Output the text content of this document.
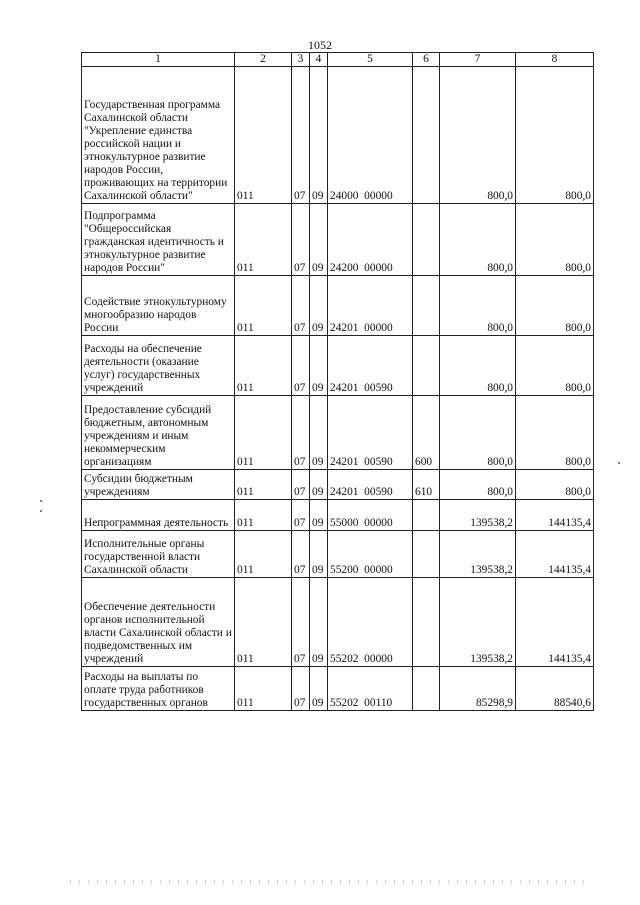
1052
1	2	3	4	5	6	7	8
Государственная программа Сахалинской области "Укрепление единства российской нации и этнокультурное развитие народов России, проживающих на территории Сахалинской области"	011	07	09	24000  00000		800,0	800,0
Подпрограмма "Общероссийская гражданская идентичность и этнокультурное развитие народов России"	011	07	09	24200  00000		800,0	800,0
Содействие этнокультурному многообразию народов России	011	07	09	24201  00000		800,0	800,0
Расходы на обеспечение деятельности (оказание услуг) государственных учреждений	011	07	09	24201  00590		800,0	800,0
Предоставление субсидий бюджетным, автономным учреждениям и иным некоммерческим организациям	011	07	09	24201  00590	600	800,0	800,0
Субсидии бюджетным учреждениям	011	07	09	24201  00590	610	800,0	800,0
Непрограммная деятельность	011	07	09	55000  00000		139538,2	144135,4
Исполнительные органы государственной власти Сахалинской области	011	07	09	55200  00000		139538,2	144135,4
Обеспечение деятельности органов исполнительной власти Сахалинской области и подведомственных им учреждений	011	07	09	55202  00000		139538,2	144135,4
Расходы на выплаты по оплате труда работников государственных органов	011	07	09	55202  00110		85298,9	88540,6
